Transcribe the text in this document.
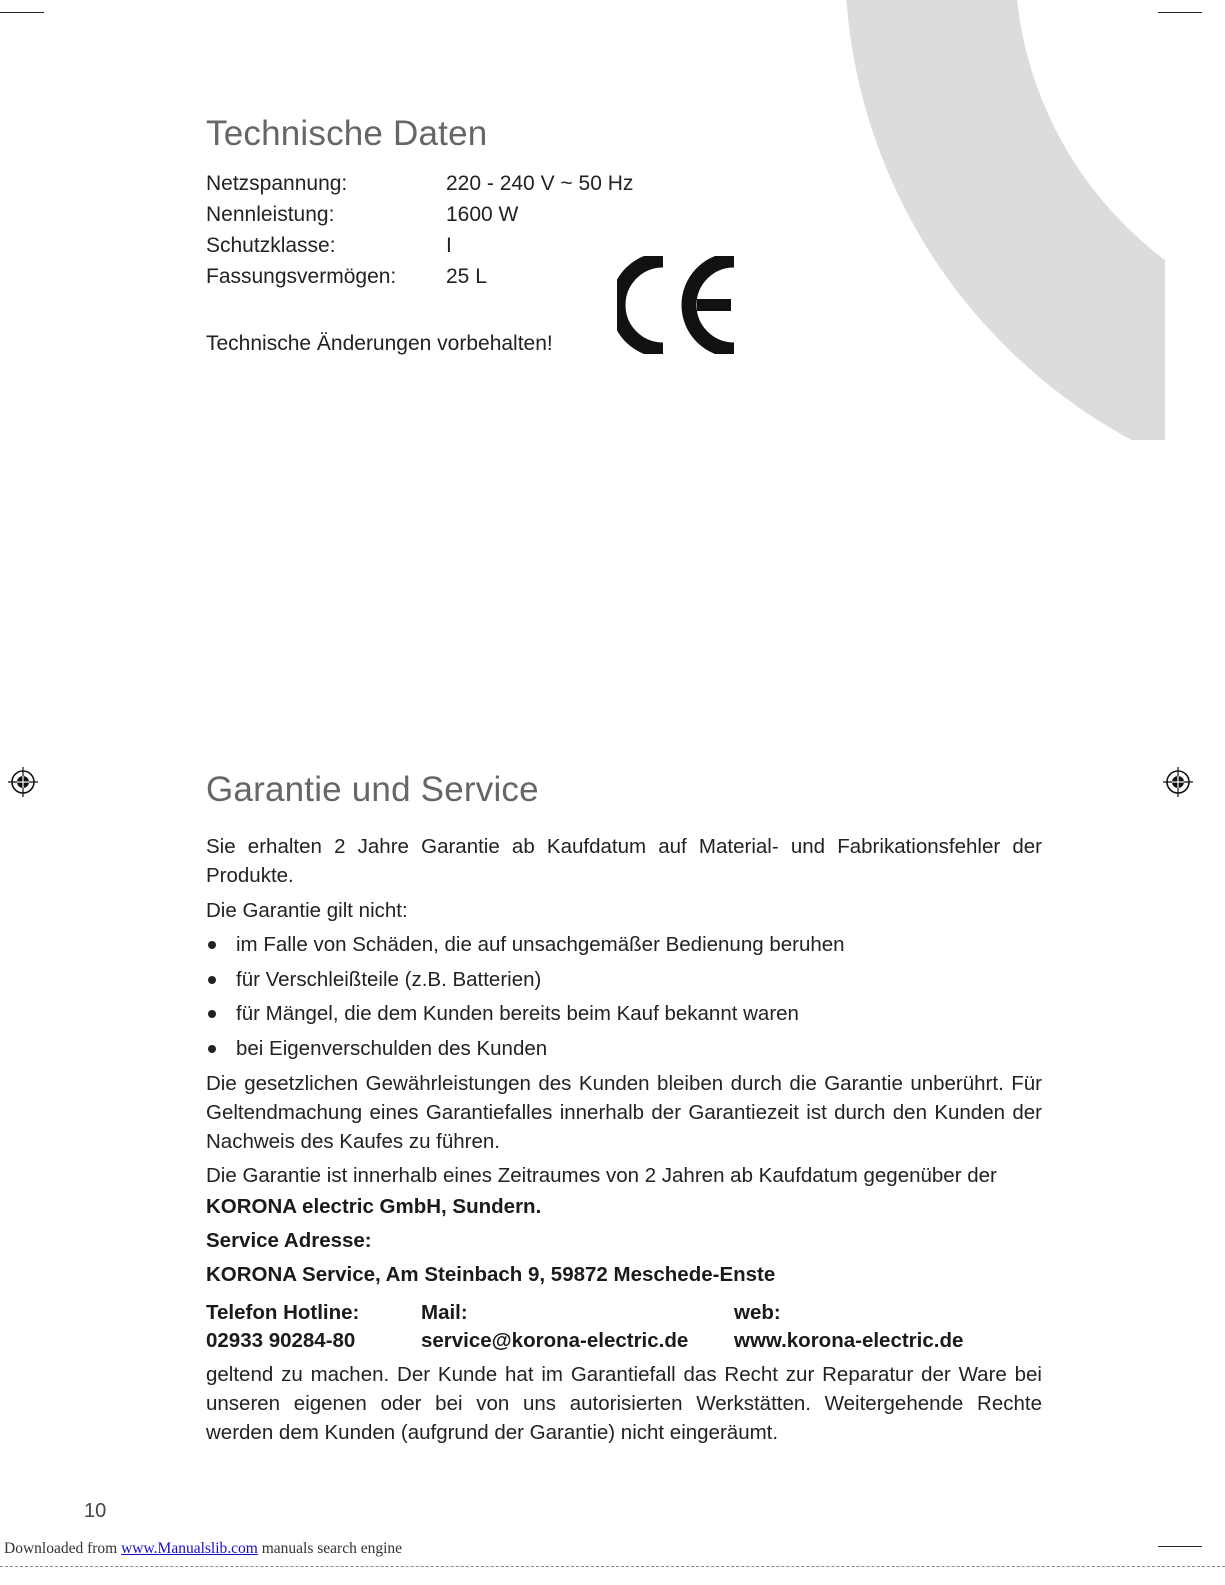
Technische Daten
Netzspannung:	220 - 240 V ~ 50 Hz
Nennleistung:	1600 W
Schutzklasse:	I
Fassungsvermögen: 25 L
Technische Änderungen vorbehalten!
Garantie und Service

Sie erhalten 2 Jahre Garantie ab Kaufdatum auf Material- und Fabrikationsfehler der Produkte.

Die Garantie gilt nicht:

im Falle von Schäden, die auf unsachgemäßer Bedienung beruhen
für Verschleißteile (z.B. Batterien)
für Mängel, die dem Kunden bereits beim Kauf bekannt waren
bei Eigenverschulden des Kunden

Die gesetzlichen Gewährleistungen des Kunden bleiben durch die Garantie unberührt. Für Geltendmachung eines Garantiefalles innerhalb der Garantiezeit ist durch den Kunden der Nachweis des Kaufes zu führen.

Die Garantie ist innerhalb eines Zeitraumes von 2 Jahren ab Kaufdatum gegenüber der

KORONA electric GmbH, Sundern.
Service Adresse:
KORONA Service, Am Steinbach 9, 59872 Meschede-Enste
Telefon Hotline:
02933 90284-80
Mail:
service@korona-electric.de
web:
www.korona-electric.de

geltend zu machen. Der Kunde hat im Garantiefall das Recht zur Reparatur der Ware bei unseren eigenen oder bei von uns autorisierten Werkstätten. Weitergehende Rechte werden dem Kunden (aufgrund der Garantie) nicht eingeräumt.

10
Downloaded from www.Manualslib.com manuals search engine
